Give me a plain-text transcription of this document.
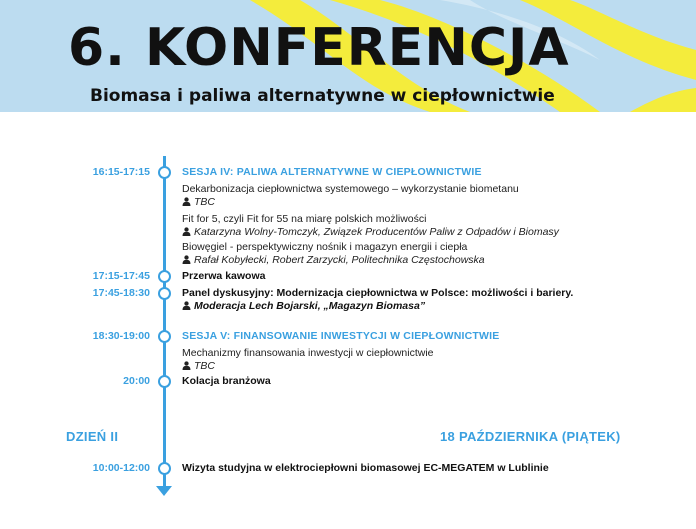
6. KONFERENCJA
Biomasa i paliwa alternatywne w ciepłownictwie
16:15-17:15	SESJA IV: PALIWA ALTERNATYWNE W CIEPŁOWNICTWIE
Dekarbonizacja ciepłownictwa systemowego – wykorzystanie biometanu
TBC
Fit for 5, czyli Fit for 55 na miarę polskich możliwości
Katarzyna Wolny-Tomczyk, Związek Producentów Paliw z Odpadów i Biomasy
Biowęgiel - perspektywiczny nośnik i magazyn energii i ciepła
Rafał Kobyłecki, Robert Zarzycki, Politechnika Częstochowska
17:15-17:45	Przerwa kawowa
17:45-18:30	Panel dyskusyjny: Modernizacja ciepłownictwa w Polsce: możliwości i bariery.
Moderacja Lech Bojarski, „Magazyn Biomasa”
18:30-19:00	SESJA V: FINANSOWANIE INWESTYCJI W CIEPŁOWNICTWIE
Mechanizmy finansowania inwestycji w ciepłownictwie
TBC
20:00	Kolacja branżowa
DZIEŃ II	18 PAŹDZIERNIKA (PIĄTEK)
10:00-12:00	Wizyta studyjna w elektrociepłowni biomasowej EC-MEGATEM w Lublinie
